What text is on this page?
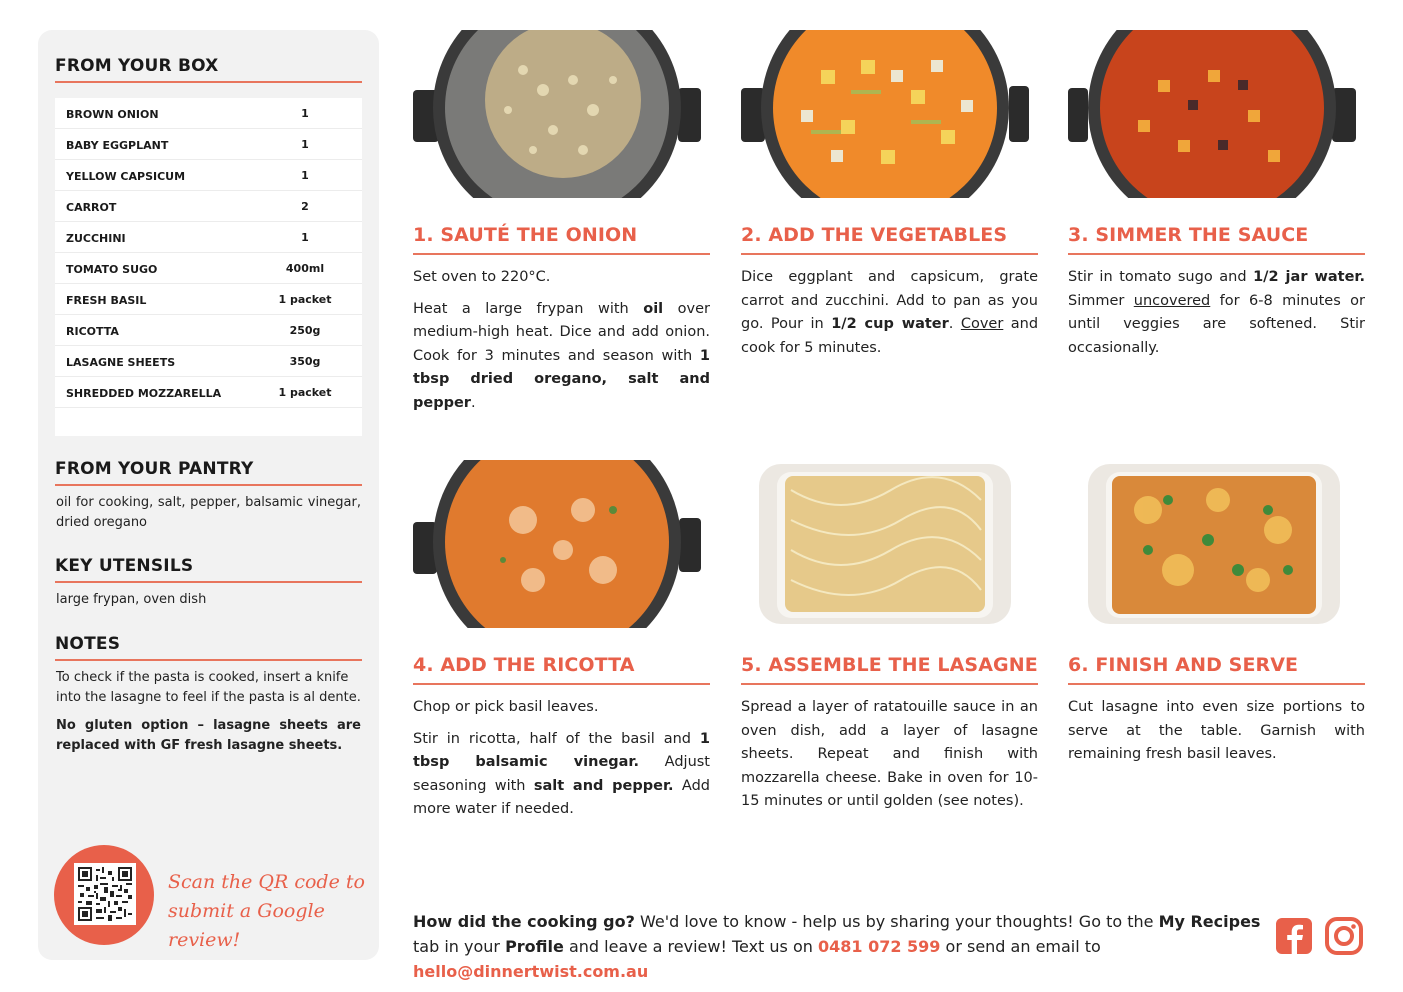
FROM YOUR BOX
BROWN ONION	1
BABY EGGPLANT	1
YELLOW CAPSICUM	1
CARROT	2
ZUCCHINI	1
TOMATO SUGO	400ml
FRESH BASIL	1 packet
RICOTTA	250g
LASAGNE SHEETS	350g
SHREDDED MOZZARELLA	1 packet
FROM YOUR PANTRY
oil for cooking, salt, pepper, balsamic vinegar, dried oregano
KEY UTENSILS
large frypan, oven dish
NOTES
To check if the pasta is cooked, insert a knife into the lasagne to feel if the pasta is al dente.
No gluten option – lasagne sheets are replaced with GF fresh lasagne sheets.
Scan the QR code to
submit a Google review!
1. SAUTÉ THE ONION	2. ADD THE VEGETABLES	3. SIMMER THE SAUCE
4. ADD THE RICOTTA	5. ASSEMBLE THE LASAGNE 6. FINISH AND SERVE

Set oven to 220°C.

Heat a large frypan with oil over medium-high heat. Dice and add onion. Cook for 3 minutes and season with 1 tbsp dried oregano, salt and pepper.

Dice eggplant and capsicum, grate carrot and zucchini. Add to pan as you go. Pour in 1/2 cup water. Cover and cook for 5 minutes.

Stir in tomato sugo and 1/2 jar water. Simmer uncovered for 6-8 minutes or until veggies are softened. Stir occasionally.

Chop or pick basil leaves.

Stir in ricotta, half of the basil and 1 tbsp balsamic vinegar. Adjust seasoning with salt and pepper. Add more water if needed.

Spread a layer of ratatouille sauce in an oven dish, add a layer of lasagne sheets. Repeat and finish with mozzarella cheese. Bake in oven for 10-15 minutes or until golden (see notes).

Cut lasagne into even size portions to serve at the table. Garnish with remaining fresh basil leaves.

How did the cooking go? We'd love to know - help us by sharing your thoughts! Go to the My Recipes tab in your Profile and leave a review! Text us on 0481 072 599 or send an email to hello@dinnertwist.com.au
